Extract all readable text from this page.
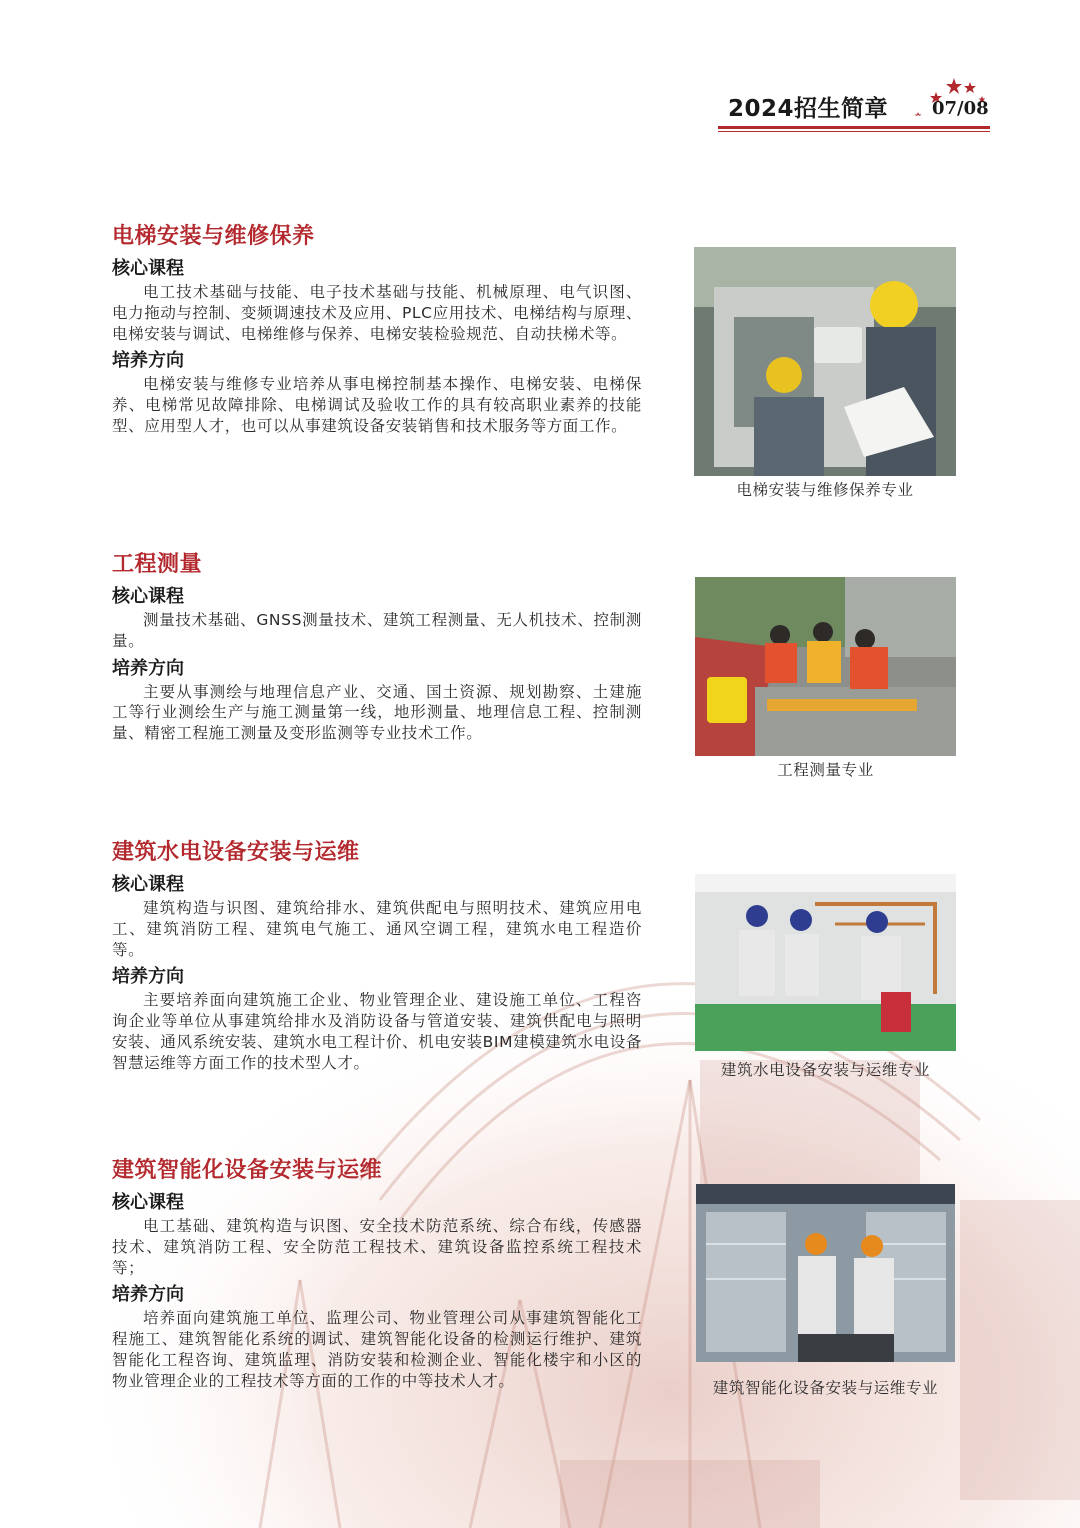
2024招生简章 07/08
电梯安装与维修保养
核心课程
电工技术基础与技能、电子技术基础与技能、机械原理、电气识图、电力拖动与控制、变频调速技术及应用、PLC应用技术、电梯结构与原理、电梯安装与调试、电梯维修与保养、电梯安装检验规范、自动扶梯术等。
培养方向
电梯安装与维修专业培养从事电梯控制基本操作、电梯安装、电梯保养、电梯常见故障排除、电梯调试及验收工作的具有较高职业素养的技能型、应用型人才，也可以从事建筑设备安装销售和技术服务等方面工作。
电梯安装与维修保养专业
工程测量
核心课程
测量技术基础、GNSS测量技术、建筑工程测量、无人机技术、控制测量。
培养方向
主要从事测绘与地理信息产业、交通、国土资源、规划勘察、土建施工等行业测绘生产与施工测量第一线，地形测量、地理信息工程、控制测量、精密工程施工测量及变形监测等专业技术工作。
工程测量专业
建筑水电设备安装与运维
核心课程
建筑构造与识图、建筑给排水、建筑供配电与照明技术、建筑应用电工、建筑消防工程、建筑电气施工、通风空调工程，建筑水电工程造价等。
培养方向
主要培养面向建筑施工企业、物业管理企业、建设施工单位、工程咨询企业等单位从事建筑给排水及消防设备与管道安装、建筑供配电与照明安装、通风系统安装、建筑水电工程计价、机电安装BIM建模建筑水电设备智慧运维等方面工作的技术型人才。	建筑水电设备安装与运维专业
建筑智能化设备安装与运维
核心课程
电工基础、建筑构造与识图、安全技术防范系统、综合布线，传感器技术、建筑消防工程、安全防范工程技术、建筑设备监控系统工程技术等；
培养方向
培养面向建筑施工单位、监理公司、物业管理公司从事建筑智能化工程施工、建筑智能化系统的调试、建筑智能化设备的检测运行维护、建筑智能化工程咨询、建筑监理、消防安装和检测企业、智能化楼宇和小区的物业管理企业的工程技术等方面的工作的中等技术人才。	建筑智能化设备安装与运维专业
